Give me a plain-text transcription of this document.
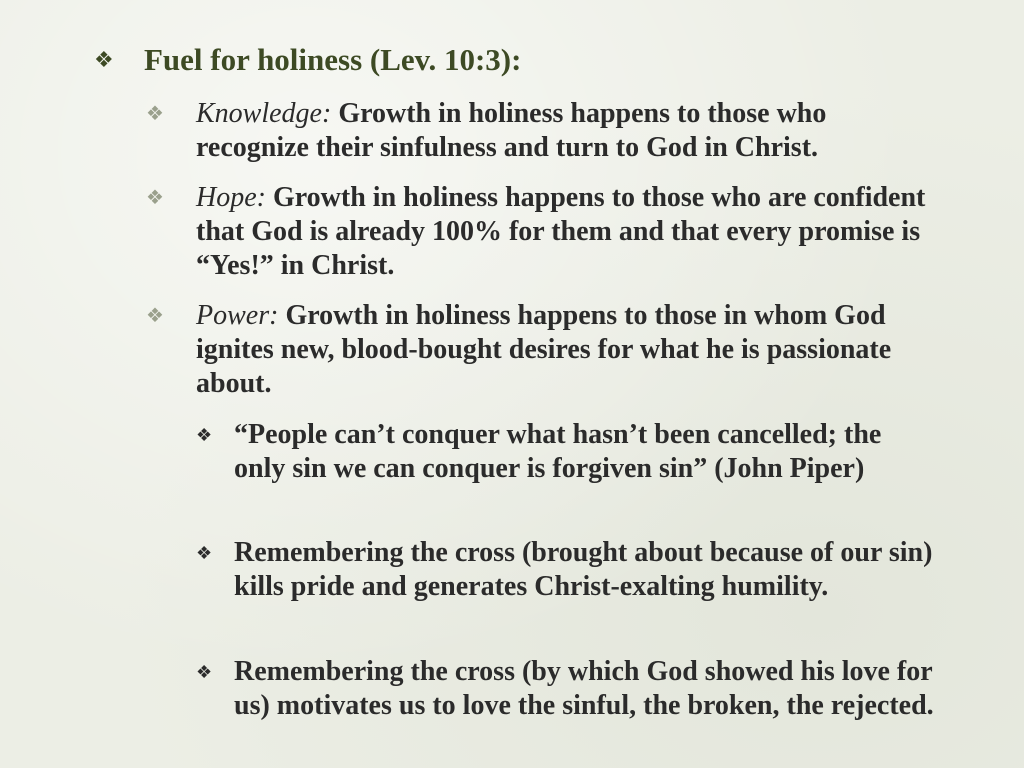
❖ Fuel for holiness (Lev. 10:3):
❖	Knowledge: Growth in holiness happens to those who recognize their sinfulness and turn to God in Christ.
❖	Hope: Growth in holiness happens to those who are confident that God is already 100% for them and that every promise is “Yes!” in Christ.
❖	Power: Growth in holiness happens to those in whom God ignites new, blood-bought desires for what he is passionate about.
❖ “People can’t conquer what hasn’t been cancelled; the only sin we can conquer is forgiven sin” (John Piper)
❖ Remembering the cross (brought about because of our sin) kills pride and generates Christ-exalting humility.
❖ Remembering the cross (by which God showed his love for us) motivates us to love the sinful, the broken, the rejected.
